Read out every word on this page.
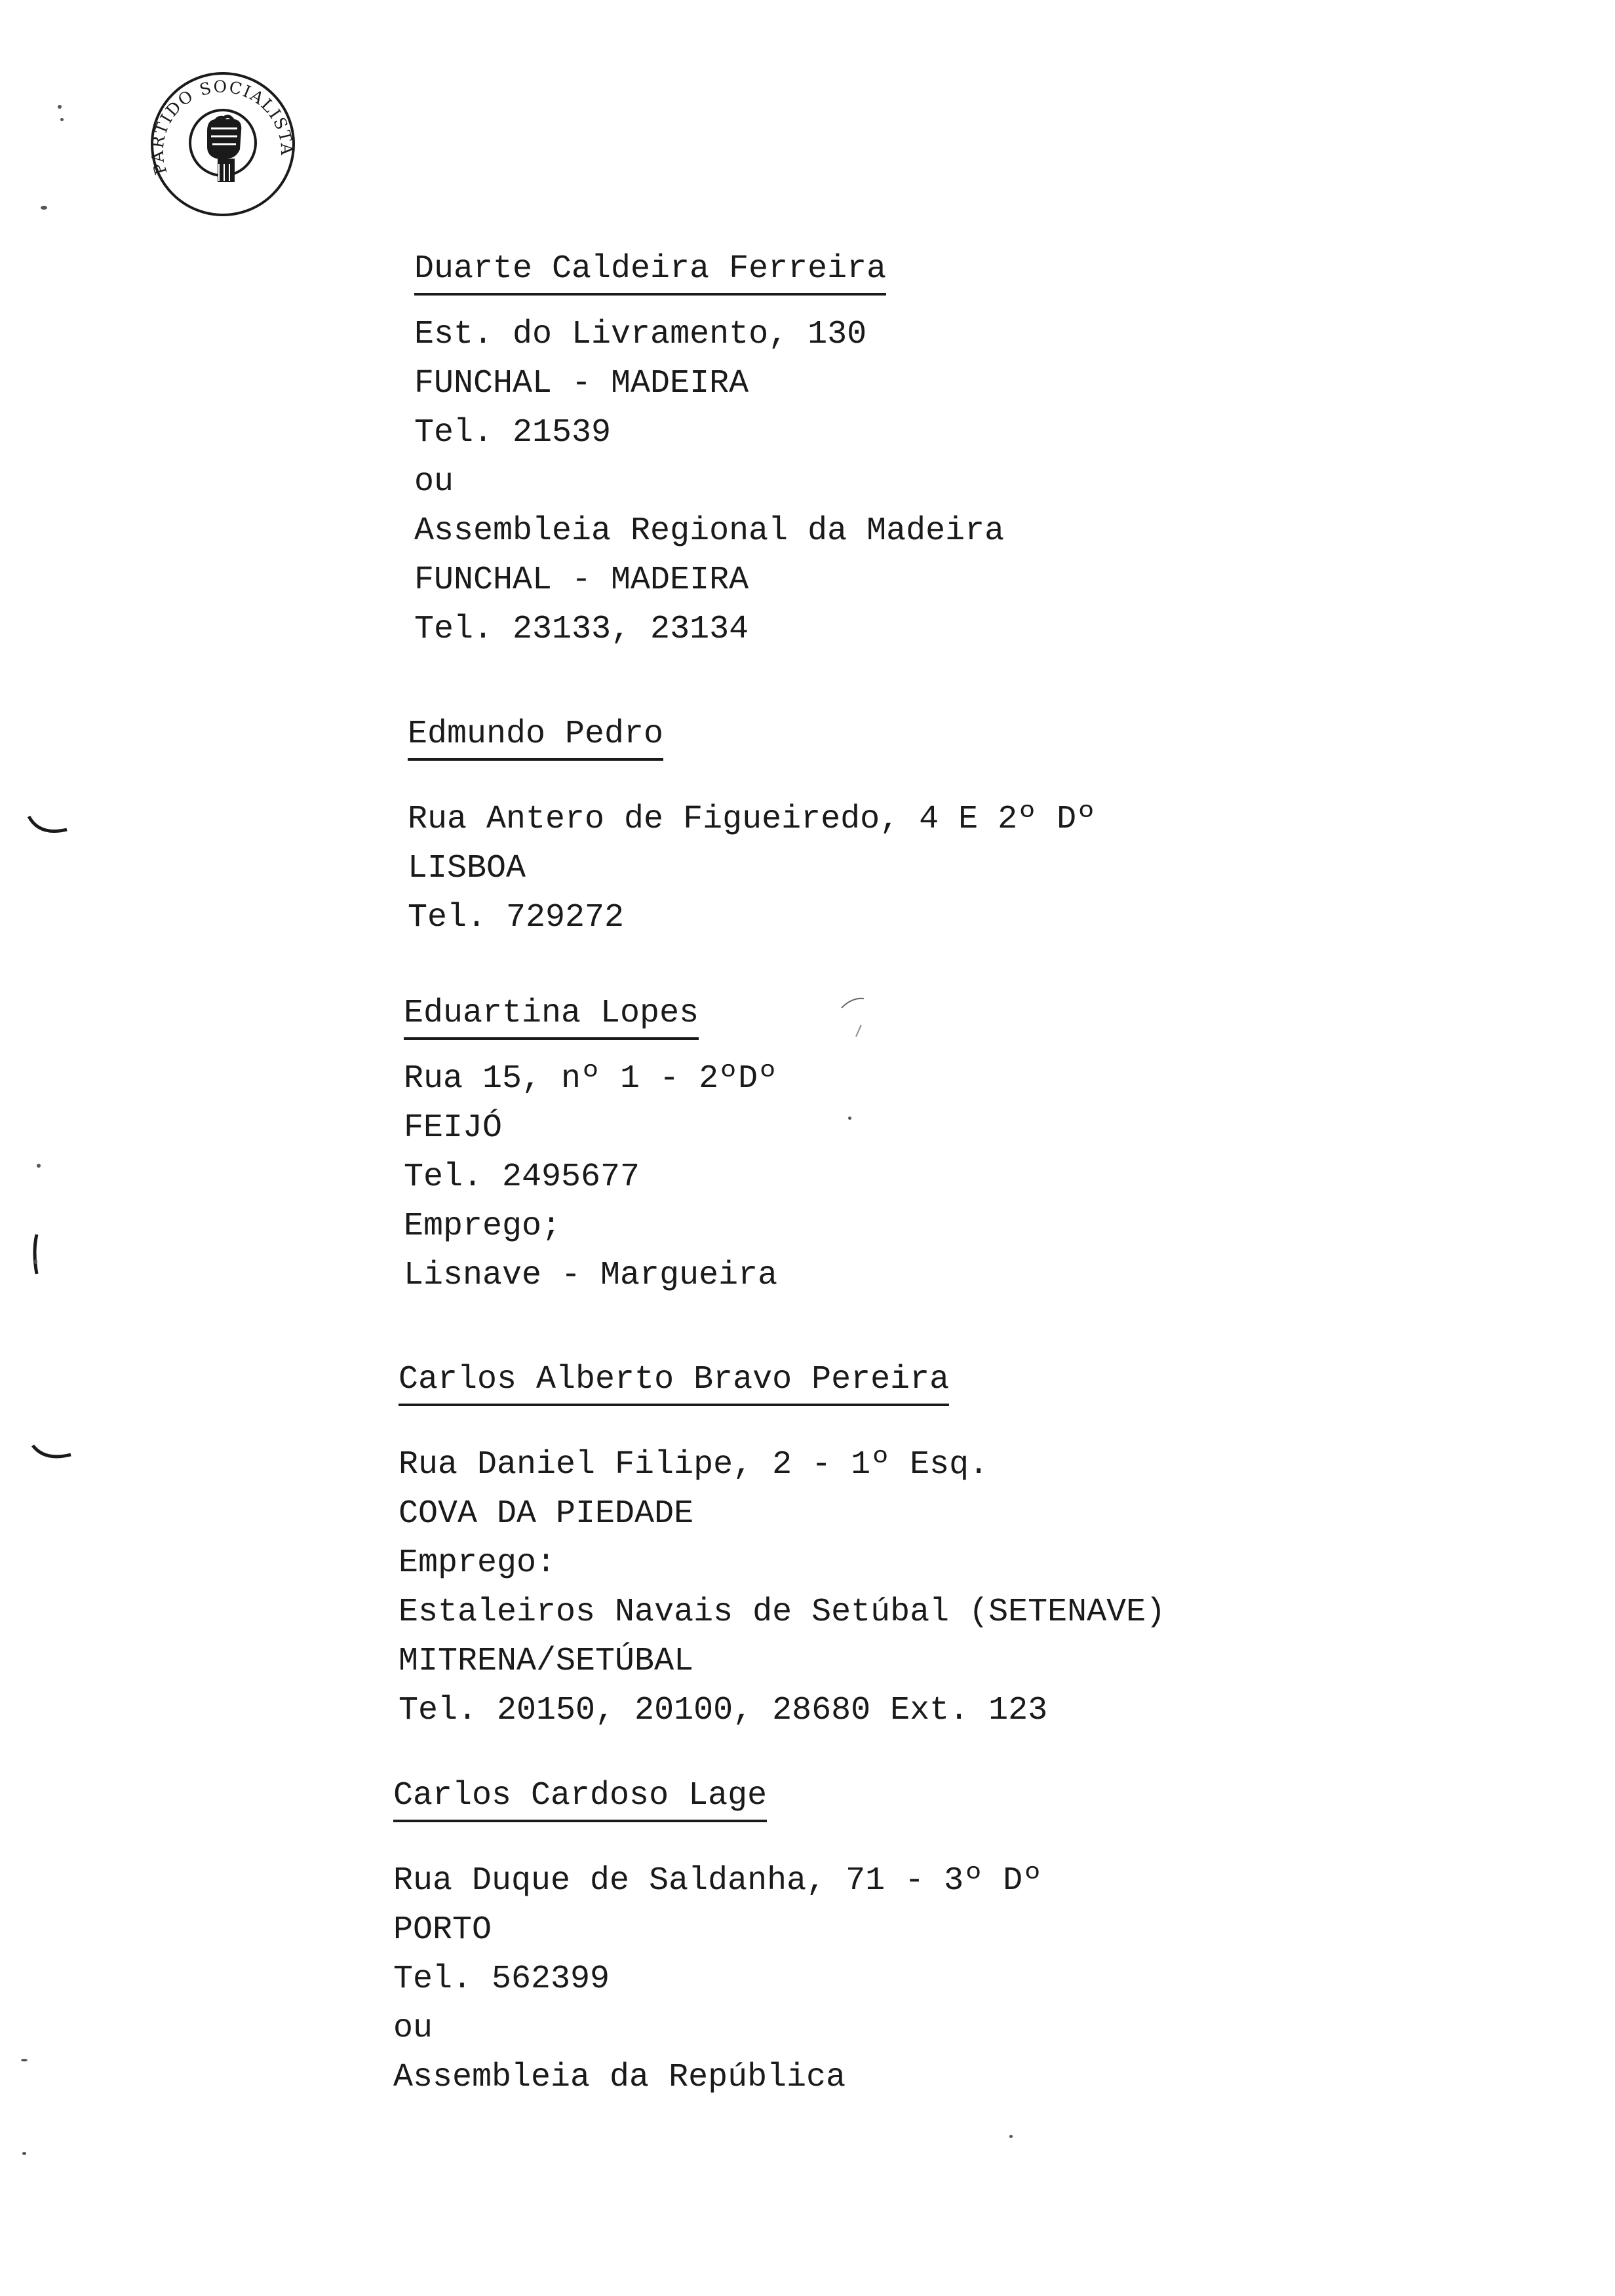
PARTIDO SOCIALISTA
Duarte Caldeira Ferreira
Est. do Livramento, 130
FUNCHAL - MADEIRA
Tel. 21539
ou
Assembleia Regional da Madeira
FUNCHAL - MADEIRA
Tel. 23133, 23134
Edmundo Pedro
Rua Antero de Figueiredo, 4 E 2º Dº
LISBOA
Tel. 729272
Eduartina Lopes
Rua 15, nº 1 - 2ºDº
FEIJÓ
Tel. 2495677
Emprego;
Lisnave - Margueira
Carlos Alberto Bravo Pereira
Rua Daniel Filipe, 2 - 1º Esq.
COVA DA PIEDADE
Emprego:
Estaleiros Navais de Setúbal (SETENAVE)
MITRENA/SETÚBAL
Tel. 20150, 20100, 28680 Ext. 123
Carlos Cardoso Lage
Rua Duque de Saldanha, 71 - 3º Dº
PORTO
Tel. 562399
ou
Assembleia da República
